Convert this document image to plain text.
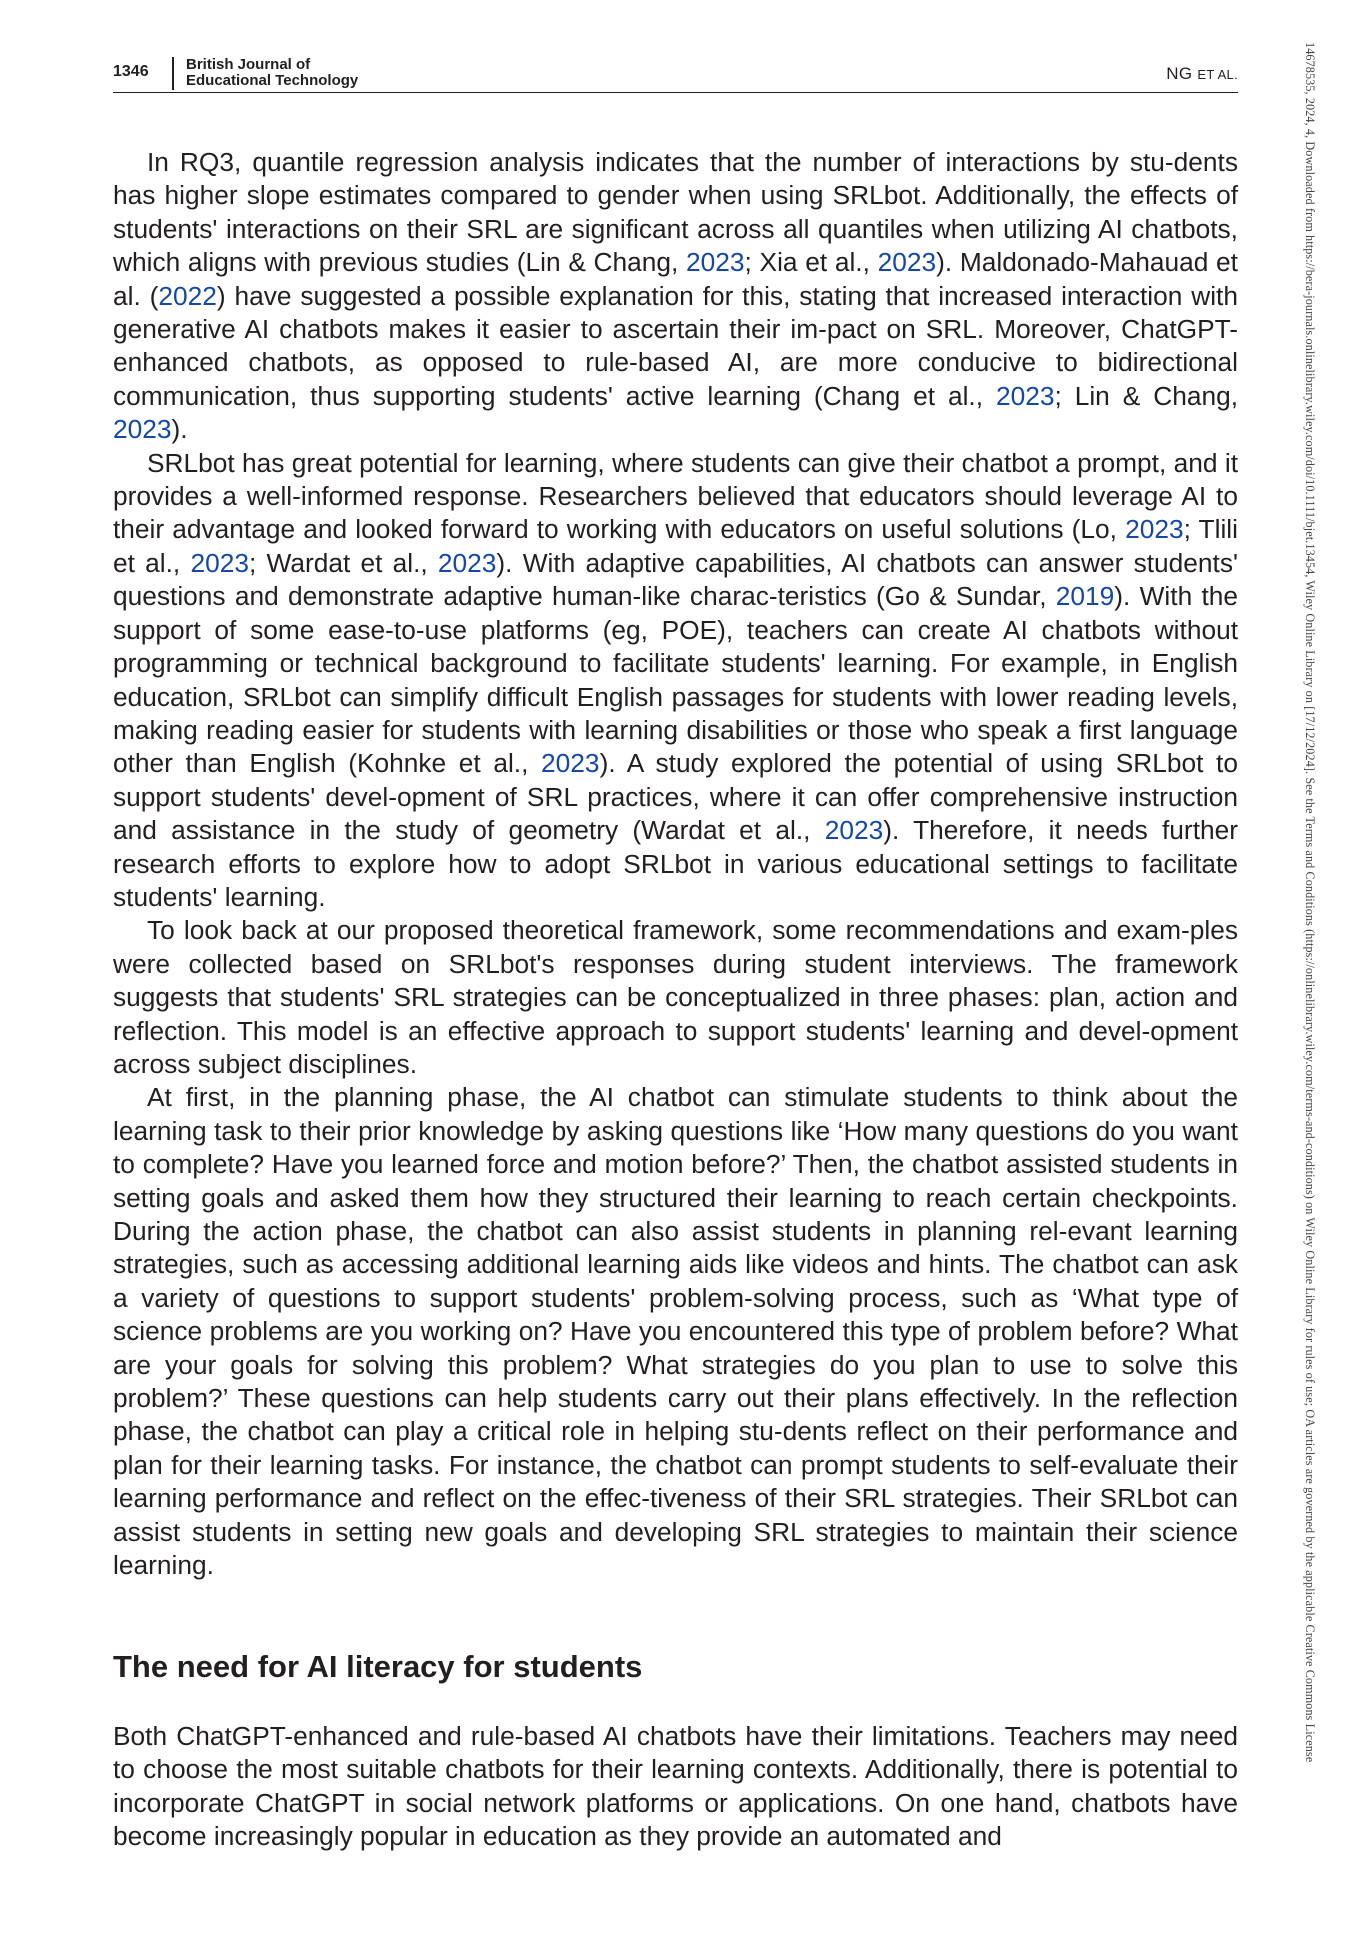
1346 British Journal of
Educational Technology	NG ET AL.	14678535, 2024, 4, Downloaded from https://bera-journals.onlinelibrary.wiley.com/doi/10.1111/bjet.13454, Wiley Online Library on [17/12/2024]. See the Terms and Conditions (https://onlinelibrary.wiley.com/terms-and-conditions) on Wiley Online Library for rules of use; OA articles are governed by the applicable Creative Commons License

In RQ3, quantile regression analysis indicates that the number of interactions by stu-dents has higher slope estimates compared to gender when using SRLbot. Additionally, the effects of students' interactions on their SRL are significant across all quantiles when utilizing AI chatbots, which aligns with previous studies (Lin & Chang, 2023; Xia et al., 2023). Maldonado-Mahauad et al. (2022) have suggested a possible explanation for this, stating that increased interaction with generative AI chatbots makes it easier to ascertain their im-pact on SRL. Moreover, ChatGPT-enhanced chatbots, as opposed to rule-based AI, are more conducive to bidirectional communication, thus supporting students' active learning (Chang et al., 2023; Lin & Chang, 2023).

SRLbot has great potential for learning, where students can give their chatbot a prompt, and it provides a well-informed response. Researchers believed that educators should leverage AI to their advantage and looked forward to working with educators on useful solutions (Lo, 2023; Tlili et al., 2023; Wardat et al., 2023). With adaptive capabilities, AI chatbots can answer students' questions and demonstrate adaptive human-like charac-teristics (Go & Sundar, 2019). With the support of some ease-to-use platforms (eg, POE), teachers can create AI chatbots without programming or technical background to facilitate students' learning. For example, in English education, SRLbot can simplify difficult English passages for students with lower reading levels, making reading easier for students with learning disabilities or those who speak a first language other than English (Kohnke et al., 2023). A study explored the potential of using SRLbot to support students' devel-opment of SRL practices, where it can offer comprehensive instruction and assistance in the study of geometry (Wardat et al., 2023). Therefore, it needs further research efforts to explore how to adopt SRLbot in various educational settings to facilitate students' learning.

To look back at our proposed theoretical framework, some recommendations and exam-ples were collected based on SRLbot's responses during student interviews. The framework suggests that students' SRL strategies can be conceptualized in three phases: plan, action and reflection. This model is an effective approach to support students' learning and devel-opment across subject disciplines.

At first, in the planning phase, the AI chatbot can stimulate students to think about the learning task to their prior knowledge by asking questions like ‘How many questions do you want to complete? Have you learned force and motion before?’ Then, the chatbot assisted students in setting goals and asked them how they structured their learning to reach certain checkpoints. During the action phase, the chatbot can also assist students in planning rel-evant learning strategies, such as accessing additional learning aids like videos and hints. The chatbot can ask a variety of questions to support students' problem-solving process, such as ‘What type of science problems are you working on? Have you encountered this type of problem before? What are your goals for solving this problem? What strategies do you plan to use to solve this problem?’ These questions can help students carry out their plans effectively. In the reflection phase, the chatbot can play a critical role in helping stu-dents reflect on their performance and plan for their learning tasks. For instance, the chatbot can prompt students to self-evaluate their learning performance and reflect on the effec-tiveness of their SRL strategies. Their SRLbot can assist students in setting new goals and developing SRL strategies to maintain their science learning.

The need for AI literacy for students

Both ChatGPT-enhanced and rule-based AI chatbots have their limitations. Teachers may need to choose the most suitable chatbots for their learning contexts. Additionally, there is potential to incorporate ChatGPT in social network platforms or applications. On one hand, chatbots have become increasingly popular in education as they provide an automated and
